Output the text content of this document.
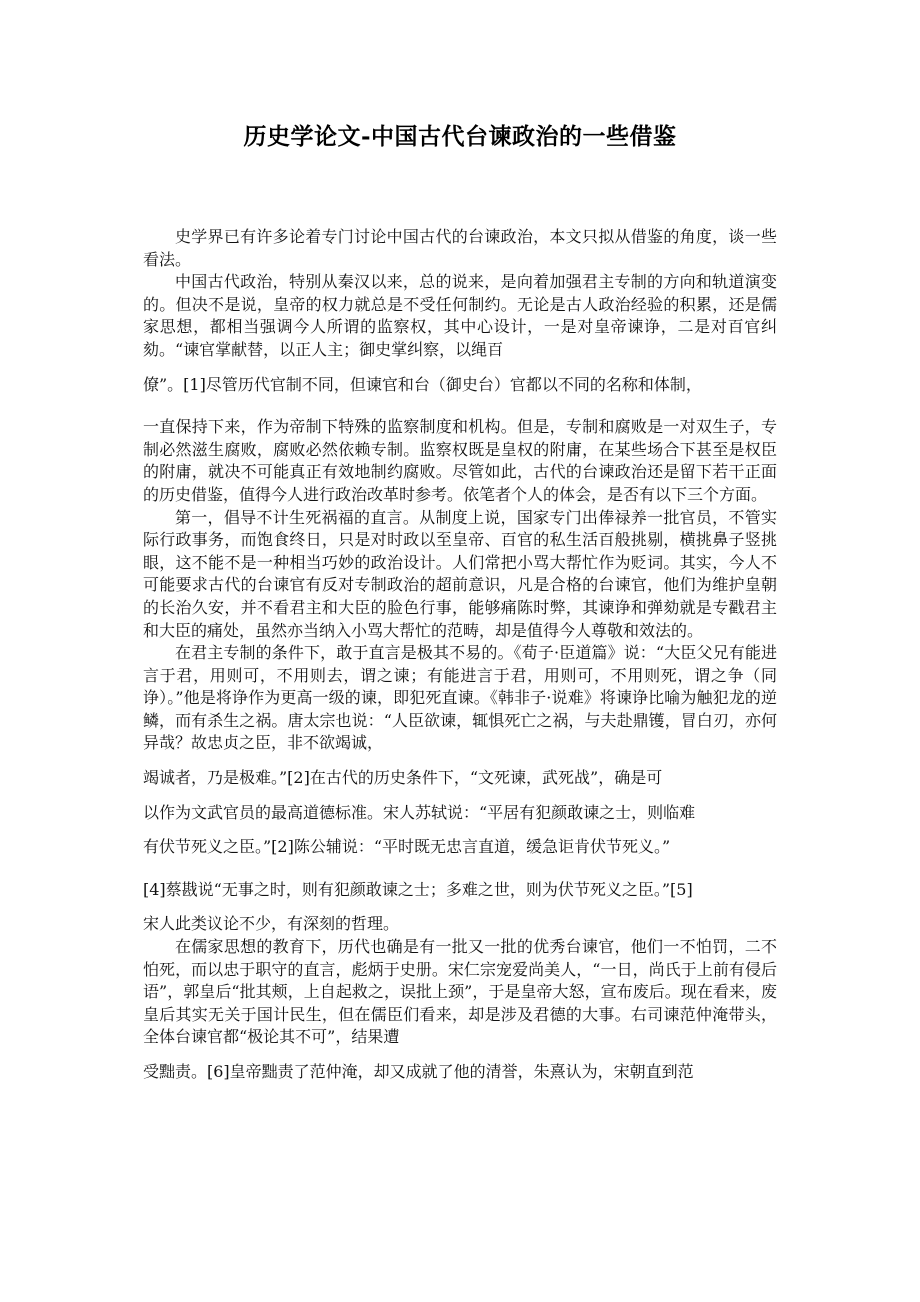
历史学论文-中国古代台谏政治的一些借鉴

史学界已有许多论着专门讨论中国古代的台谏政治，本文只拟从借鉴的角度，谈一些看法。

中国古代政治，特别从秦汉以来，总的说来，是向着加强君主专制的方向和轨道演变的。但决不是说，皇帝的权力就总是不受任何制约。无论是古人政治经验的积累，还是儒家思想，都相当强调今人所谓的监察权，其中心设计，一是对皇帝谏诤，二是对百官纠劾。“谏官掌献替，以正人主；御史掌纠察，以绳百
僚”。[1]尽管历代官制不同，但谏官和台（御史台）官都以不同的名称和体制，
一直保持下来，作为帝制下特殊的监察制度和机构。但是，专制和腐败是一对双生子，专制必然滋生腐败，腐败必然依赖专制。监察权既是皇权的附庸，在某些场合下甚至是权臣的附庸，就决不可能真正有效地制约腐败。尽管如此，古代的台谏政治还是留下若干正面的历史借鉴，值得今人进行政治改革时参考。依笔者个人的体会，是否有以下三个方面。

第一，倡导不计生死祸福的直言。从制度上说，国家专门出俸禄养一批官员，不管实际行政事务，而饱食终日，只是对时政以至皇帝、百官的私生活百般挑剔，横挑鼻子竖挑眼，这不能不是一种相当巧妙的政治设计。人们常把小骂大帮忙作为贬词。其实，今人不可能要求古代的台谏官有反对专制政治的超前意识，凡是合格的台谏官，他们为维护皇朝的长治久安，并不看君主和大臣的脸色行事，能够痛陈时弊，其谏诤和弹劾就是专戳君主和大臣的痛处，虽然亦当纳入小骂大帮忙的范畴，却是值得今人尊敬和效法的。

在君主专制的条件下，敢于直言是极其不易的。《荀子·臣道篇》说：“大臣父兄有能进言于君，用则可，不用则去，谓之谏；有能进言于君，用则可，不用则死，谓之争（同诤）。”他是将诤作为更高一级的谏，即犯死直谏。《韩非子·说难》将谏诤比喻为触犯龙的逆鳞，而有杀生之祸。唐太宗也说：“人臣欲谏，辄惧死亡之祸，与夫赴鼎镬，冒白刃，亦何异哉？故忠贞之臣，非不欲竭诚，
竭诚者，乃是极难。”[2]在古代的历史条件下，“文死谏，武死战”，确是可
以作为文武官员的最高道德标准。宋人苏轼说：“平居有犯颜敢谏之士，则临难
有伏节死义之臣。”[2]陈公辅说：“平时既无忠言直道，缓急讵肯伏节死义。”
[4]蔡戡说“无事之时，则有犯颜敢谏之士；多难之世，则为伏节死义之臣。”[5]
宋人此类议论不少，有深刻的哲理。

在儒家思想的教育下，历代也确是有一批又一批的优秀台谏官，他们一不怕罚，二不怕死，而以忠于职守的直言，彪炳于史册。宋仁宗宠爱尚美人，“一日，尚氏于上前有侵后语”，郭皇后“批其颊，上自起救之，误批上颈”，于是皇帝大怒，宣布废后。现在看来，废皇后其实无关于国计民生，但在儒臣们看来，却是涉及君德的大事。右司谏范仲淹带头，全体台谏官都“极论其不可”，结果遭
受黜责。[6]皇帝黜责了范仲淹，却又成就了他的清誉，朱熹认为，宋朝直到范
